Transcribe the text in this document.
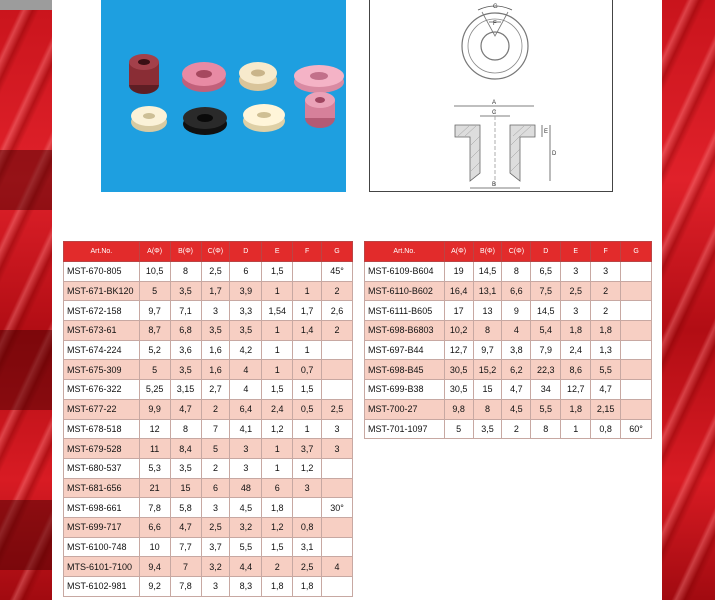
G
F
A
C
E
D
B
Art.No.	A(Φ)	B(Φ)	C(Φ)	D	E	F	G
MST-670-805	10,5	8	2,5	6	1,5		45°
MST-671-BK120	5	3,5	1,7	3,9	1	1	2
MST-672-158	9,7	7,1	3	3,3	1,54	1,7	2,6
MST-673-61	8,7	6,8	3,5	3,5	1	1,4	2
MST-674-224	5,2	3,6	1,6	4,2	1	1	
MST-675-309	5	3,5	1,6	4	1	0,7	
MST-676-322	5,25	3,15	2,7	4	1,5	1,5	
MST-677-22	9,9	4,7	2	6,4	2,4	0,5	2,5
MST-678-518	12	8	7	4,1	1,2	1	3
MST-679-528	11	8,4	5	3	1	3,7	3
MST-680-537	5,3	3,5	2	3	1	1,2	
MST-681-656	21	15	6	48	6	3	
MST-698-661	7,8	5,8	3	4,5	1,8		30°
MST-699-717	6,6	4,7	2,5	3,2	1,2	0,8	
MST-6100-748	10	7,7	3,7	5,5	1,5	3,1	
MTS-6101-7100	9,4	7	3,2	4,4	2	2,5	4
MST-6102-981	9,2	7,8	3	8,3	1,8	1,8	
Art.No.	A(Φ)	B(Φ)	C(Φ)	D	E	F	G
MST-6109-B604	19	14,5	8	6,5	3	3	
MST-6110-B602	16,4	13,1	6,6	7,5	2,5	2	
MST-6111-B605	17	13	9	14,5	3	2	
MST-698-B6803	10,2	8	4	5,4	1,8	1,8	
MST-697-B44	12,7	9,7	3,8	7,9	2,4	1,3	
MST-698-B45	30,5	15,2	6,2	22,3	8,6	5,5	
MST-699-B38	30,5	15	4,7	34	12,7	4,7	
MST-700-27	9,8	8	4,5	5,5	1,8	2,15	
MST-701-1097	5	3,5	2	8	1	0,8	60°
